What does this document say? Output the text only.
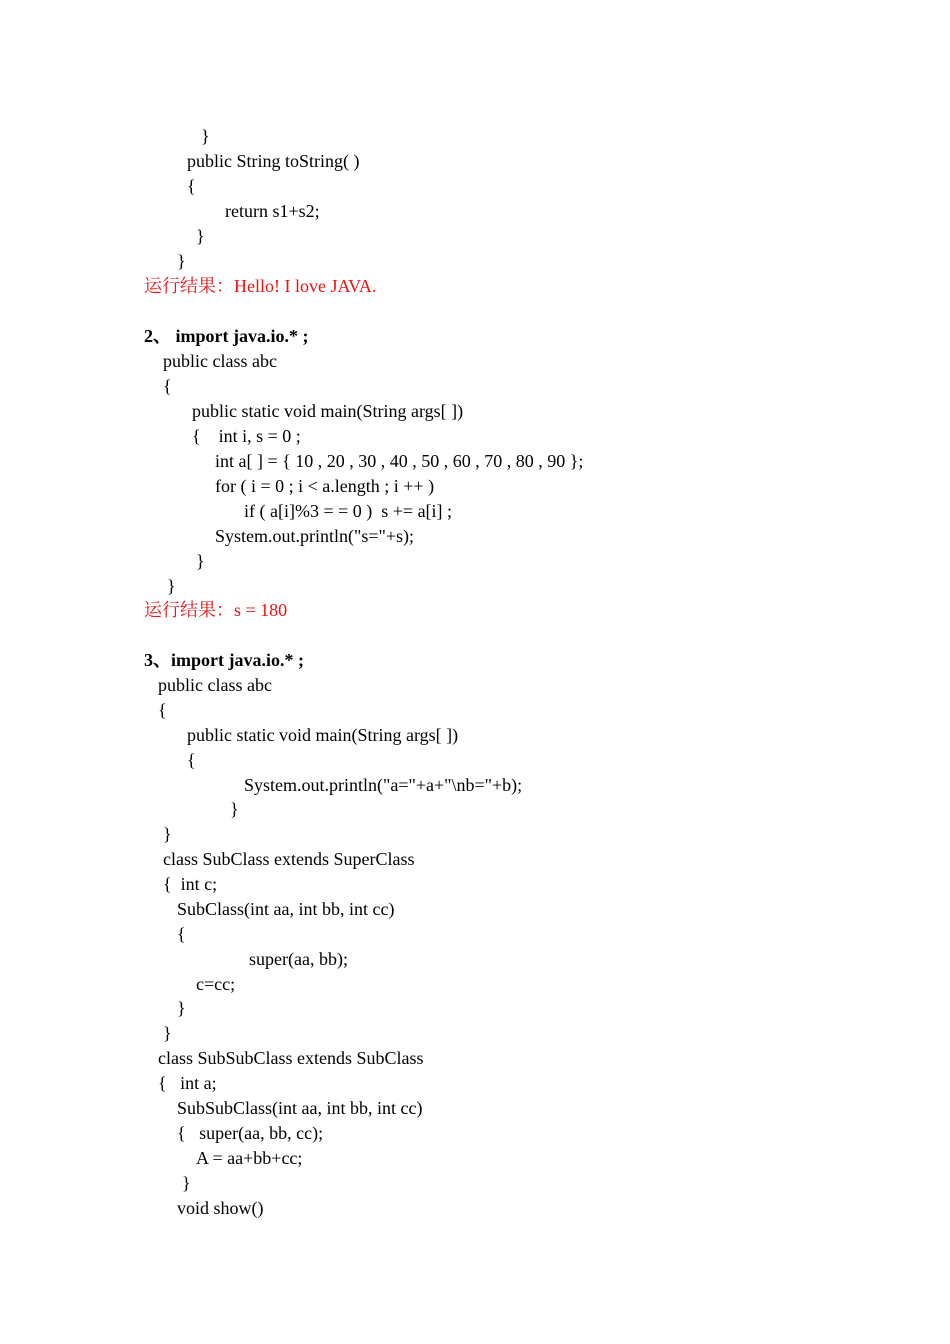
}
public String toString( )
{
return s1+s2;
}
}
运行结果：Hello! I love JAVA.
2、 import java.io.* ;
public class abc
{
public static void main(String args[ ])
{    int i, s = 0 ;
int a[ ] = { 10 , 20 , 30 , 40 , 50 , 60 , 70 , 80 , 90 };
for ( i = 0 ; i < a.length ; i ++ )
if ( a[i]%3 = = 0 )  s += a[i] ;
System.out.println("s="+s);
}
}
运行结果：s = 180
3、import java.io.* ;
public class abc
{
public static void main(String args[ ])
{
System.out.println("a="+a+"\nb="+b);
}
}
class SubClass extends SuperClass
{  int c;
SubClass(int aa, int bb, int cc)
{
super(aa, bb);
c=cc;
}
}
class SubSubClass extends SubClass
{   int a;
SubSubClass(int aa, int bb, int cc)
{   super(aa, bb, cc);
A = aa+bb+cc;
}
void show()
